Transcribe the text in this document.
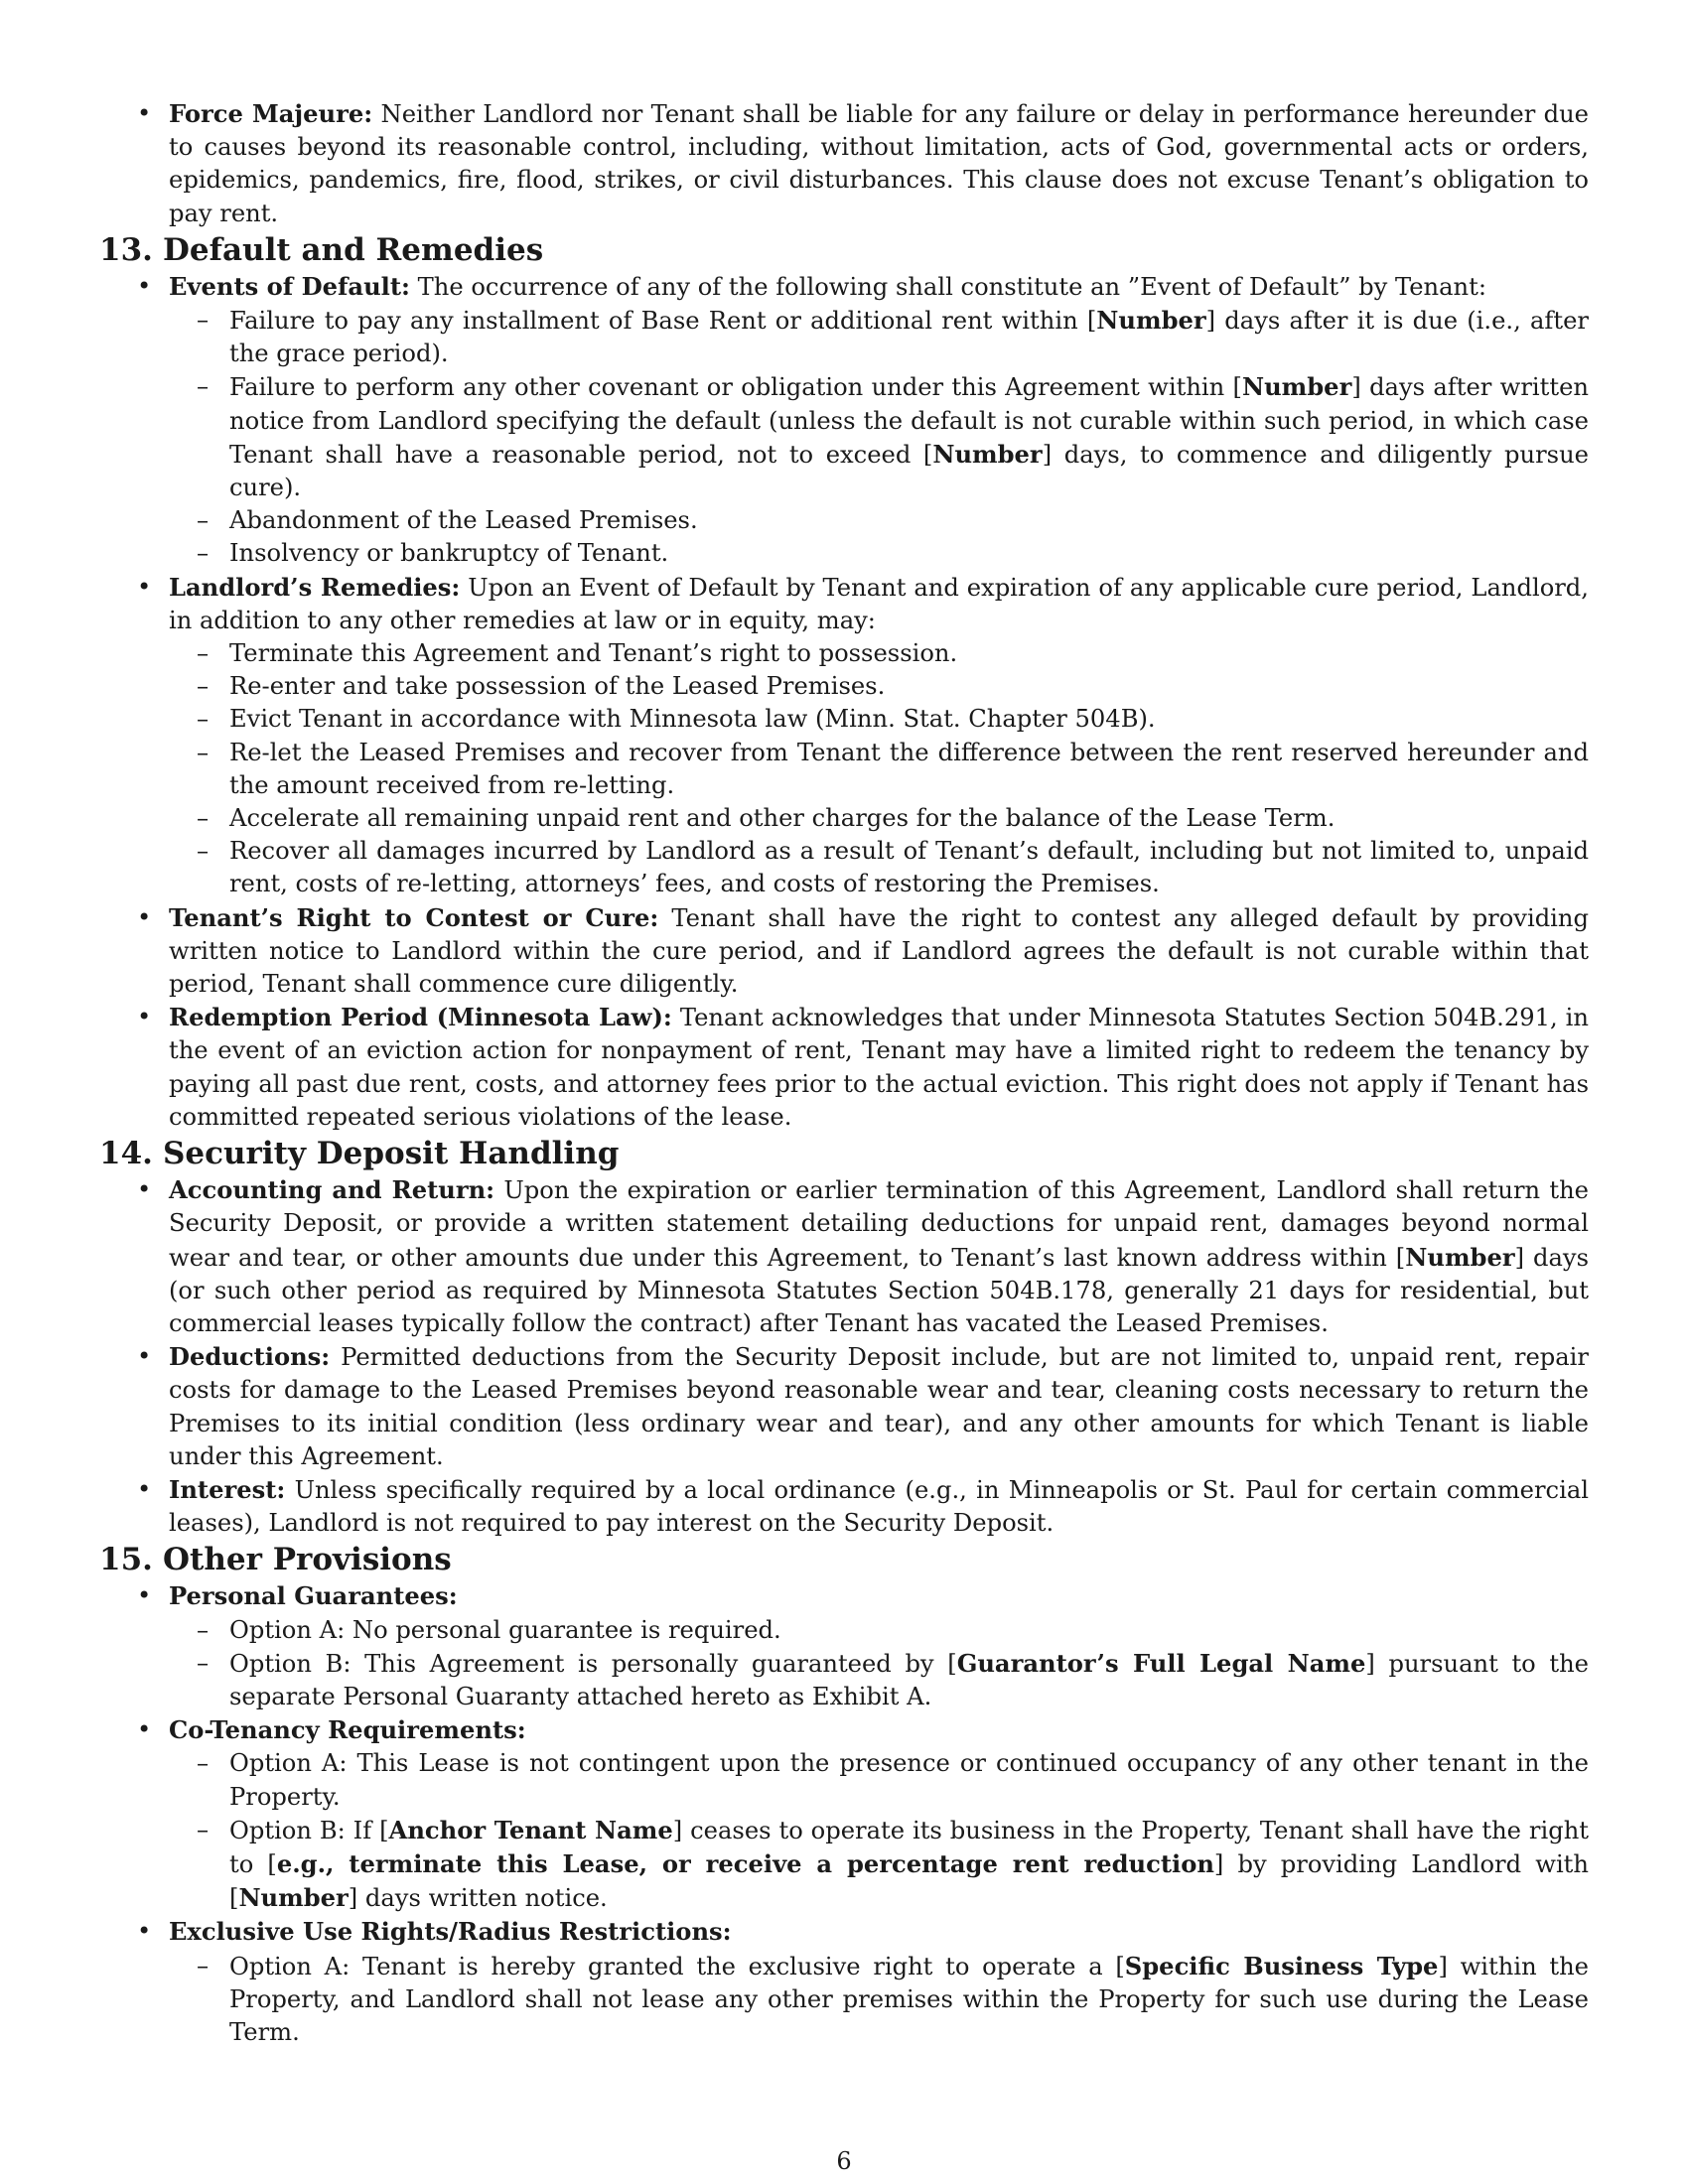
• Force Majeure: Neither Landlord nor Tenant shall be liable for any failure or delay in performance hereunder due to causes beyond its reasonable control, including, without limitation, acts of God, governmental acts or orders, epidemics, pandemics, fire, flood, strikes, or civil disturbances. This clause does not excuse Tenant’s obligation to pay rent.

13. Default and Remedies

• Events of Default: The occurrence of any of the following shall constitute an ”Event of Default” by Tenant:
– Failure to pay any installment of Base Rent or additional rent within [Number] days after it is due (i.e., after the grace period).
– Failure to perform any other covenant or obligation under this Agreement within [Number] days after written notice from Landlord specifying the default (unless the default is not curable within such period, in which case Tenant shall have a reasonable period, not to exceed [Number] days, to commence and diligently pursue cure).
– Abandonment of the Leased Premises.
– Insolvency or bankruptcy of Tenant.
• Landlord’s Remedies: Upon an Event of Default by Tenant and expiration of any applicable cure period, Landlord, in addition to any other remedies at law or in equity, may:
– Terminate this Agreement and Tenant’s right to possession.
– Re-enter and take possession of the Leased Premises.
– Evict Tenant in accordance with Minnesota law (Minn. Stat. Chapter 504B).
– Re-let the Leased Premises and recover from Tenant the difference between the rent reserved hereunder and the amount received from re-letting.
– Accelerate all remaining unpaid rent and other charges for the balance of the Lease Term.
– Recover all damages incurred by Landlord as a result of Tenant’s default, including but not limited to, unpaid rent, costs of re-letting, attorneys’ fees, and costs of restoring the Premises.
• Tenant’s Right to Contest or Cure: Tenant shall have the right to contest any alleged default by providing written notice to Landlord within the cure period, and if Landlord agrees the default is not curable within that period, Tenant shall commence cure diligently.
• Redemption Period (Minnesota Law): Tenant acknowledges that under Minnesota Statutes Section 504B.291, in the event of an eviction action for nonpayment of rent, Tenant may have a limited right to redeem the tenancy by paying all past due rent, costs, and attorney fees prior to the actual eviction. This right does not apply if Tenant has committed repeated serious violations of the lease.

14. Security Deposit Handling

• Accounting and Return: Upon the expiration or earlier termination of this Agreement, Landlord shall return the Security Deposit, or provide a written statement detailing deductions for unpaid rent, damages beyond normal wear and tear, or other amounts due under this Agreement, to Tenant’s last known address within [Number] days (or such other period as required by Minnesota Statutes Section 504B.178, generally 21 days for residential, but commercial leases typically follow the contract) after Tenant has vacated the Leased Premises.
• Deductions: Permitted deductions from the Security Deposit include, but are not limited to, unpaid rent, repair costs for damage to the Leased Premises beyond reasonable wear and tear, cleaning costs necessary to return the Premises to its initial condition (less ordinary wear and tear), and any other amounts for which Tenant is liable under this Agreement.
• Interest: Unless specifically required by a local ordinance (e.g., in Minneapolis or St. Paul for certain commercial leases), Landlord is not required to pay interest on the Security Deposit.

15. Other Provisions

• Personal Guarantees:
– Option A: No personal guarantee is required.
– Option B: This Agreement is personally guaranteed by [Guarantor’s Full Legal Name] pursuant to the separate Personal Guaranty attached hereto as Exhibit A.
• Co-Tenancy Requirements:
– Option A: This Lease is not contingent upon the presence or continued occupancy of any other tenant in the Property.
– Option B: If [Anchor Tenant Name] ceases to operate its business in the Property, Tenant shall have the right to [e.g., terminate this Lease, or receive a percentage rent reduction] by providing Landlord with [Number] days written notice.
• Exclusive Use Rights/Radius Restrictions:
– Option A: Tenant is hereby granted the exclusive right to operate a [Specific Business Type] within the Property, and Landlord shall not lease any other premises within the Property for such use during the Lease Term.
6
